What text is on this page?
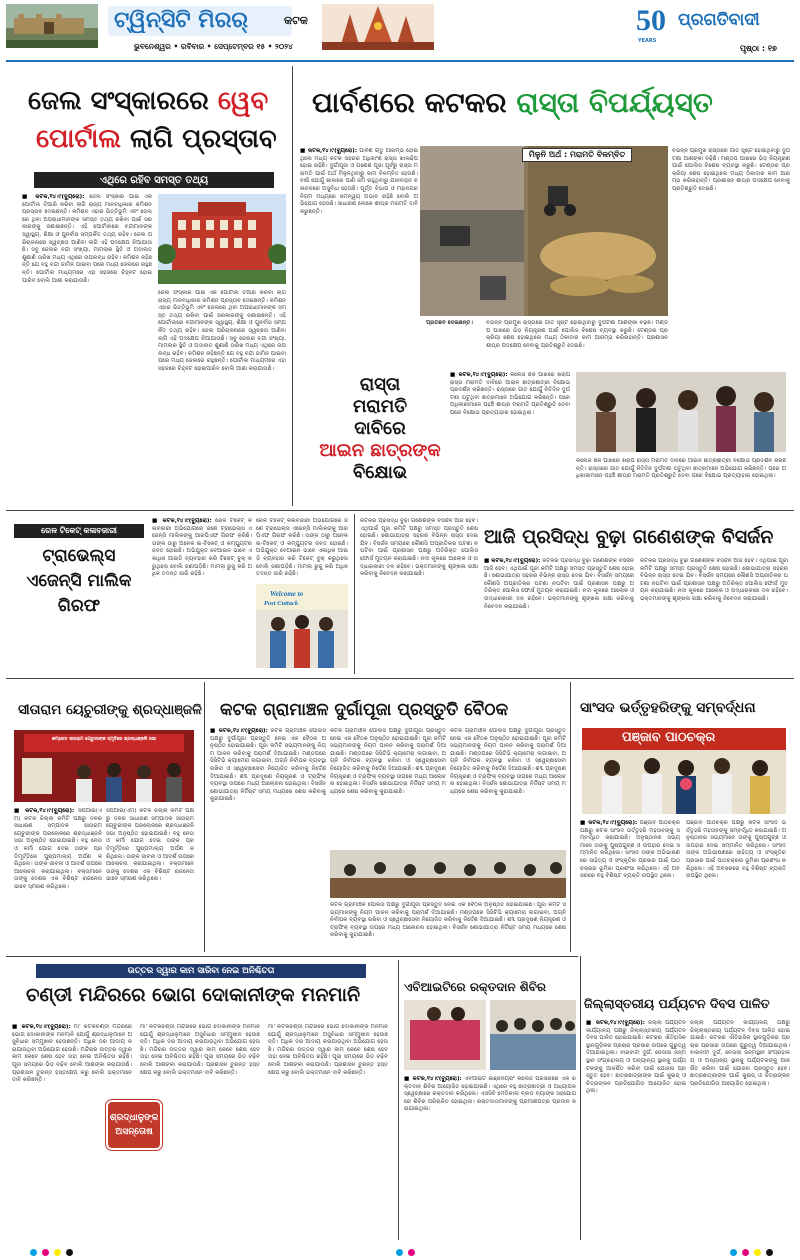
ଟ୍ୱିନ୍‌ସିଟି ମିରର୍	କଟକ
ଭୁବନେଶ୍ୱର • ରବିବାର • ସେପ୍ଟେମ୍ବର ୧୫ • ୨୦୨୪
50
YEARS
ପ୍ରଗତିବାଦୀ
ପୃଷ୍ଠା : ୧୭
ଜେଲ ସଂସ୍କାରରେ ୱେବ
ପୋର୍ଟାଲ ଲାଗି ପ୍ରସ୍ତାବ
ଏଥିରେ ରହିବ ସମସ୍ତ ତଥ୍ୟ
■ କଟକ,୧୪।୯(ବ୍ୟୁରୋ): ଜେଲ ସଂସ୍କାର ପାଇଁ ଏକ ପୋର୍ଟାଲ ତିଆରି କରିବା ଲାଗି ରାଜ୍ୟ ମାନବାଧିକାର କମିଶନ ପ୍ରସ୍ତାବ ଦେଇଛନ୍ତି। କମିଶନ ଏହାର ଭିତ୍ତିଭୂମି ଏବଂ ଜେଲରେ ଥିବା ଅପରାଧୀମାନଙ୍କ ସମସ୍ତ ତଥ୍ୟ ରଖିବା ପାଇଁ ସରକାରଙ୍କୁ ଜଣାଇଛନ୍ତି। ଏହି ପୋର୍ଟାଲରେ ବନ୍ଦୀମାନଙ୍କ ସ୍ୱାସ୍ଥ୍ୟ, ଶିକ୍ଷା ଓ ପୁନର୍ବାସ ସମ୍ପର୍କିତ ତଥ୍ୟ ରହିବ। ଜେଲ ପରିଚାଳନାରେ ସ୍ୱଚ୍ଛତା ଆଣିବା ଲାଗି ଏହି ପଦକ୍ଷେପ ନିଆଯାଉଛି। ସବୁ ଜେଲର ବନ୍ଦୀ ସଂଖ୍ୟା, ମାମଲାର ସ୍ଥିତି ଓ ଅଦାଲତ ଶୁଣାଣି ତାରିଖ ମଧ୍ୟ ଏଥିରେ ଉପଲବ୍ଧ ରହିବ। କମିଶନ କହିଛନ୍ତି ଯେ ବହୁ ବନ୍ଦୀ ଜାମିନ ପାଇବା ପରେ ମଧ୍ୟ ଜେଲରେ ରହୁଛନ୍ତି। ପୋର୍ଟାଲ ମାଧ୍ୟମରେ ଏହା ସହଜରେ ଚିହ୍ନଟ ହୋଇପାରିବ ବୋଲି ଆଶା କରାଯାଉଛି।
ଜେଲ ସଂସ୍କାର ପାଇଁ ଏକ ପୋର୍ଟାଲ ତିଆରି କରିବା ଲାଗି ରାଜ୍ୟ ମାନବାଧିକାର କମିଶନ ପ୍ରସ୍ତାବ ଦେଇଛନ୍ତି। କମିଶନ ଏହାର ଭିତ୍ତିଭୂମି ଏବଂ ଜେଲରେ ଥିବା ଅପରାଧୀମାନଙ୍କ ସମସ୍ତ ତଥ୍ୟ ରଖିବା ପାଇଁ ସରକାରଙ୍କୁ ଜଣାଇଛନ୍ତି। ଏହି ପୋର୍ଟାଲରେ ବନ୍ଦୀମାନଙ୍କ ସ୍ୱାସ୍ଥ୍ୟ, ଶିକ୍ଷା ଓ ପୁନର୍ବାସ ସମ୍ପର୍କିତ ତଥ୍ୟ ରହିବ। ଜେଲ ପରିଚାଳନାରେ ସ୍ୱଚ୍ଛତା ଆଣିବା ଲାଗି ଏହି ପଦକ୍ଷେପ ନିଆଯାଉଛି। ସବୁ ଜେଲର ବନ୍ଦୀ ସଂଖ୍ୟା, ମାମଲାର ସ୍ଥିତି ଓ ଅଦାଲତ ଶୁଣାଣି ତାରିଖ ମଧ୍ୟ ଏଥିରେ ଉପଲବ୍ଧ ରହିବ। କମିଶନ କହିଛନ୍ତି ଯେ ବହୁ ବନ୍ଦୀ ଜାମିନ ପାଇବା ପରେ ମଧ୍ୟ ଜେଲରେ ରହୁଛନ୍ତି। ପୋର୍ଟାଲ ମାଧ୍ୟମରେ ଏହା ସହଜରେ ଚିହ୍ନଟ ହୋଇପାରିବ ବୋଲି ଆଶା କରାଯାଉଛି।
ପାର୍ବଣରେ କଟକର ରାସ୍ତା ବିପର୍ଯ୍ୟସ୍ତ
■ କଟକ,୧୪।୯(ବ୍ୟୁରୋ): ପାର୍ବଣ ଋତୁ ଆରମ୍ଭ ହୋଇଥିଲେ ମଧ୍ୟ କଟକ ସହରର ଅଧିକାଂଶ ରାସ୍ତା ଖାଲଢିପ ହୋଇ ରହିଛି। ଦୁର୍ଗାପୂଜା ଓ ଗଣେଶ ପୂଜା ପୂର୍ବରୁ ରାସ୍ତା ମରାମତି ପାଇଁ ଅର୍ଥ ମିଳୁନଥିବାରୁ କାମ ବିଳମ୍ବିତ ହେଉଛି। ବର୍ଷା ଯୋଗୁଁ ଖାଲରେ ପାଣି ଜମି ରହୁଥିବାରୁ ଯାନବାହନ ଚଳାଚଳରେ ଅସୁବିଧା ହେଉଛି। ପୂର୍ତ୍ତ ବିଭାଗ ଓ ମହାନଗର ନିଗମ ମଧ୍ୟରେ ସମନ୍ୱୟ ଅଭାବ ରହିଛି ବୋଲି ଅଭିଯୋଗ ହେଉଛି। ସାଧାରଣ ଲୋକେ ଶୀଘ୍ର ମରାମତି ଦାବି କରୁଛନ୍ତି।
ମିଳୁନି ଅର୍ଥ : ମରାମତି ବିଳମ୍ବିତ
ପ୍ରତିଛବି ଦେଇଛନ୍ତି।
ବିଭିନ୍ନ ପ୍ରମୁଖ ରାସ୍ତାରେ ଗାତ ସୃଷ୍ଟି ହୋଇଥିବାରୁ ଦୁର୍ଘଟଣା ଆଶଙ୍କା ବଢ଼ିଛି। ମଣ୍ଡପ ପାଖରେ ଭିଡ଼ ନିୟନ୍ତ୍ରଣ ପାଇଁ ପୋଲିସ ବିଶେଷ ବ୍ୟବସ୍ଥା କରୁଛି। ଟେଣ୍ଡର ପ୍ରକ୍ରିୟା ଶେଷ ହୋଇଥିଲେ ମଧ୍ୟ ଠିକାଦାର କାମ ଆରମ୍ଭ କରିନାହାନ୍ତି। ପ୍ରଶାସନ ଶୀଘ୍ର ପଦକ୍ଷେପ ନେବାକୁ ପ୍ରତିଶ୍ରୁତି ଦେଇଛି।
ବିଭିନ୍ନ ପ୍ରମୁଖ ରାସ୍ତାରେ ଗାତ ସୃଷ୍ଟି ହୋଇଥିବାରୁ ଦୁର୍ଘଟଣା ଆଶଙ୍କା ବଢ଼ିଛି। ମଣ୍ଡପ ପାଖରେ ଭିଡ଼ ନିୟନ୍ତ୍ରଣ ପାଇଁ ପୋଲିସ ବିଶେଷ ବ୍ୟବସ୍ଥା କରୁଛି। ଟେଣ୍ଡର ପ୍ରକ୍ରିୟା ଶେଷ ହୋଇଥିଲେ ମଧ୍ୟ ଠିକାଦାର କାମ ଆରମ୍ଭ କରିନାହାନ୍ତି। ପ୍ରଶାସନ ଶୀଘ୍ର ପଦକ୍ଷେପ ନେବାକୁ ପ୍ରତିଶ୍ରୁତି ଦେଇଛି।
ରାସ୍ତା
ମରାମତି
ଦାବିରେ
ଆଇନ ଛାତ୍ରଙ୍କ
ବିକ୍ଷୋଭ
■ କଟକ,୧୪।୯(ବ୍ୟୁରୋ): କଲେଜ ଛକ ପାଖରେ ଖରାପ ରାସ୍ତା ମରାମତି ଦାବିରେ ଆଇନ ଛାତ୍ରଛାତ୍ରୀ ବିକ୍ଷୋଭ ପ୍ରଦର୍ଶନ କରିଛନ୍ତି। ରାସ୍ତାରେ ଗାତ ଯୋଗୁଁ ନିତିଦିନ ଦୁର୍ଘଟଣା ଘଟୁଥିବା ଛାତ୍ରମାନେ ଅଭିଯୋଗ କରିଛନ୍ତି। ପରେ ଅଧିକାରୀମାନେ ପହଞ୍ଚି ଶୀଘ୍ର ମରାମତି ପ୍ରତିଶ୍ରୁତି ଦେବା ପରେ ବିକ୍ଷୋଭ ପ୍ରତ୍ୟାହାର ହୋଇଥିଲା।
କଲେଜ ଛକ ପାଖରେ ଖରାପ ରାସ୍ତା ମରାମତି ଦାବିରେ ଆଇନ ଛାତ୍ରଛାତ୍ରୀ ବିକ୍ଷୋଭ ପ୍ରଦର୍ଶନ କରିଛନ୍ତି। ରାସ୍ତାରେ ଗାତ ଯୋଗୁଁ ନିତିଦିନ ଦୁର୍ଘଟଣା ଘଟୁଥିବା ଛାତ୍ରମାନେ ଅଭିଯୋଗ କରିଛନ୍ତି। ପରେ ଅଧିକାରୀମାନେ ପହଞ୍ଚି ଶୀଘ୍ର ମରାମତି ପ୍ରତିଶ୍ରୁତି ଦେବା ପରେ ବିକ୍ଷୋଭ ପ୍ରତ୍ୟାହାର ହୋଇଥିଲା।
ରେଳ ଟିକେଟ୍ କଳାବଜାରୀ
ଟ୍ରାଭେଲ୍ସ
ଏଜେନ୍ସି ମାଲିକ
ଗିରଫ
■ କଟକ,୧୪।୯(ବ୍ୟୁରୋ): ରେଳ ଟିକେଟ୍ କଳାବଜାରୀ ଅଭିଯୋଗରେ ଜଣେ ଟ୍ରାଭେଲ୍ସ ଏଜେନ୍ସି ମାଲିକଙ୍କୁ ଆରପିଏଫ ଗିରଫ କରିଛି। ତାଙ୍କ ଠାରୁ ଅନେକ ଇ-ଟିକେଟ୍ ଓ କମ୍ପ୍ୟୁଟର ଜବତ ହୋଇଛି। ଅଭିଯୁକ୍ତ ବେଆଇନ ଭାବେ ଏକାଧିକ ଆଇଡି ବ୍ୟବହାର କରି ଟିକେଟ୍ ବୁକ୍ କରୁଥିଲେ ବୋଲି ଜଣାପଡ଼ିଛି। ମାମଲା ରୁଜୁ କରି ଅଧିକ ତଦନ୍ତ ଜାରି ରହିଛି।
Welcome to
Post Cuttack
ରେଳ ଟିକେଟ୍ କଳାବଜାରୀ ଅଭିଯୋଗରେ ଜଣେ ଟ୍ରାଭେଲ୍ସ ଏଜେନ୍ସି ମାଲିକଙ୍କୁ ଆରପିଏଫ ଗିରଫ କରିଛି। ତାଙ୍କ ଠାରୁ ଅନେକ ଇ-ଟିକେଟ୍ ଓ କମ୍ପ୍ୟୁଟର ଜବତ ହୋଇଛି। ଅଭିଯୁକ୍ତ ବେଆଇନ ଭାବେ ଏକାଧିକ ଆଇଡି ବ୍ୟବହାର କରି ଟିକେଟ୍ ବୁକ୍ କରୁଥିଲେ ବୋଲି ଜଣାପଡ଼ିଛି। ମାମଲା ରୁଜୁ କରି ଅଧିକ ତଦନ୍ତ ଜାରି ରହିଛି।
ଆଜି ପ୍ରସିଦ୍ଧ ବୁଢ଼ା ଗଣେଶଙ୍କ ବିସର୍ଜନ
କଟକର ପ୍ରସିଦ୍ଧ ବୁଢ଼ା ଗଣେଶଙ୍କ ବିସର୍ଜନ ଆଜି ହେବ। ଏଥିପାଇଁ ପୂଜା କମିଟି ପକ୍ଷରୁ ସମସ୍ତ ପ୍ରସ୍ତୁତି ଶେଷ ହୋଇଛି। ଶୋଭାଯାତ୍ରା ସହରର ବିଭିନ୍ନ ରାସ୍ତା ଦେଇ ଯିବ। ବିସର୍ଜନ ସମୟରେ କୌଣସି ଅପ୍ରୀତିକର ଘଟଣା ନଘଟିବା ପାଇଁ ପ୍ରଶାସନ ପକ୍ଷରୁ ଅତିରିକ୍ତ ପୋଲିସ ଫୋର୍ସ ମୁତୟନ କରାଯାଇଛି। ନଦୀ କୂଳରେ ଆଲୋକ ଓ ଉଦ୍ଧାରକାରୀ ଦଳ ରହିବେ। ଭକ୍ତମାନଙ୍କୁ ଶୃଙ୍ଖଳା ରକ୍ଷା କରିବାକୁ ନିବେଦନ କରାଯାଇଛି।
■ କଟକ,୧୪।୯(ବ୍ୟୁରୋ): କଟକର ପ୍ରସିଦ୍ଧ ବୁଢ଼ା ଗଣେଶଙ୍କ ବିସର୍ଜନ ଆଜି ହେବ। ଏଥିପାଇଁ ପୂଜା କମିଟି ପକ୍ଷରୁ ସମସ୍ତ ପ୍ରସ୍ତୁତି ଶେଷ ହୋଇଛି। ଶୋଭାଯାତ୍ରା ସହରର ବିଭିନ୍ନ ରାସ୍ତା ଦେଇ ଯିବ। ବିସର୍ଜନ ସମୟରେ କୌଣସି ଅପ୍ରୀତିକର ଘଟଣା ନଘଟିବା ପାଇଁ ପ୍ରଶାସନ ପକ୍ଷରୁ ଅତିରିକ୍ତ ପୋଲିସ ଫୋର୍ସ ମୁତୟନ କରାଯାଇଛି। ନଦୀ କୂଳରେ ଆଲୋକ ଓ ଉଦ୍ଧାରକାରୀ ଦଳ ରହିବେ। ଭକ୍ତମାନଙ୍କୁ ଶୃଙ୍ଖଳା ରକ୍ଷା କରିବାକୁ ନିବେଦନ କରାଯାଇଛି।
କଟକର ପ୍ରସିଦ୍ଧ ବୁଢ଼ା ଗଣେଶଙ୍କ ବିସର୍ଜନ ଆଜି ହେବ। ଏଥିପାଇଁ ପୂଜା କମିଟି ପକ୍ଷରୁ ସମସ୍ତ ପ୍ରସ୍ତୁତି ଶେଷ ହୋଇଛି। ଶୋଭାଯାତ୍ରା ସହରର ବିଭିନ୍ନ ରାସ୍ତା ଦେଇ ଯିବ। ବିସର୍ଜନ ସମୟରେ କୌଣସି ଅପ୍ରୀତିକର ଘଟଣା ନଘଟିବା ପାଇଁ ପ୍ରଶାସନ ପକ୍ଷରୁ ଅତିରିକ୍ତ ପୋଲିସ ଫୋର୍ସ ମୁତୟନ କରାଯାଇଛି। ନଦୀ କୂଳରେ ଆଲୋକ ଓ ଉଦ୍ଧାରକାରୀ ଦଳ ରହିବେ। ଭକ୍ତମାନଙ୍କୁ ଶୃଙ୍ଖଳା ରକ୍ଷା କରିବାକୁ ନିବେଦନ କରାଯାଇଛି।
ସୀତାରାମ ୟେଚୁରୀଙ୍କୁ ଶ୍ରଦ୍ଧାଞ୍ଜଳି
କମ୍ରେଡ ସୀତାରାମ ୟେଚୁରୀଙ୍କ ସ୍ମୃତିରେ ଶ୍ରଦ୍ଧାଞ୍ଜଳି ସଭା
■ କଟକ,୧୪।୯(ବ୍ୟୁରୋ): ସିପିଆଇ(ଏମ) କଟକ ଜିଲ୍ଲା କମିଟି ପକ୍ଷରୁ ଦଳର ସାଧାରଣ ସମ୍ପାଦକ ସୀତାରାମ ୟେଚୁରୀଙ୍କ ପରଲୋକରେ ଶ୍ରଦ୍ଧାଞ୍ଜଳି ସଭା ଅନୁଷ୍ଠିତ ହୋଇଯାଇଛି। ବହୁ ନେତା ଓ କର୍ମୀ ଯୋଗ ଦେଇ ତାଙ୍କ ପ୍ରତିମୂର୍ତ୍ତିରେ ପୁଷ୍ପମାଲ୍ୟ ଅର୍ପଣ କରିଥିଲେ। ତାଙ୍କ ଜୀବନୀ ଓ ଆଦର୍ଶ ଉପରେ ଆଲୋଚନା କରାଯାଇଥିଲା। ବକ୍ତାମାନେ ତାଙ୍କୁ ଦେଶର ଏକ ବିଶିଷ୍ଟ ରାଜନେତା ଭାବେ ସ୍ମରଣ କରିଥିଲେ।
ସିପିଆଇ(ଏମ) କଟକ ଜିଲ୍ଲା କମିଟି ପକ୍ଷରୁ ଦଳର ସାଧାରଣ ସମ୍ପାଦକ ସୀତାରାମ ୟେଚୁରୀଙ୍କ ପରଲୋକରେ ଶ୍ରଦ୍ଧାଞ୍ଜଳି ସଭା ଅନୁଷ୍ଠିତ ହୋଇଯାଇଛି। ବହୁ ନେତା ଓ କର୍ମୀ ଯୋଗ ଦେଇ ତାଙ୍କ ପ୍ରତିମୂର୍ତ୍ତିରେ ପୁଷ୍ପମାଲ୍ୟ ଅର୍ପଣ କରିଥିଲେ। ତାଙ୍କ ଜୀବନୀ ଓ ଆଦର୍ଶ ଉପରେ ଆଲୋଚନା କରାଯାଇଥିଲା। ବକ୍ତାମାନେ ତାଙ୍କୁ ଦେଶର ଏକ ବିଶିଷ୍ଟ ରାଜନେତା ଭାବେ ସ୍ମରଣ କରିଥିଲେ।
କଟକ ଗ୍ରାମାଞ୍ଚଳ ଦୁର୍ଗାପୂଜା ପ୍ରସ୍ତୁତି ବୈଠକ
■ କଟକ,୧୪।୯(ବ୍ୟୁରୋ): କଟକ ଗ୍ରାମାଞ୍ଚଳ ପୋଲିସ ପକ୍ଷରୁ ଦୁର୍ଗାପୂଜା ପ୍ରସ୍ତୁତି ନେଇ ଏକ ବୈଠକ ଅନୁଷ୍ଠିତ ହୋଇଯାଇଛି। ପୂଜା କମିଟି ସଭ୍ୟମାନଙ୍କୁ ନିୟମ ପାଳନ କରିବାକୁ ପରାମର୍ଶ ଦିଆଯାଇଛି। ମଣ୍ଡପରେ ସିସିଟିଭି କ୍ୟାମେରା ଲଗାଇବା, ଅଗ୍ନି ନିର୍ବାପକ ବ୍ୟବସ୍ଥା ରଖିବା ଓ ସ୍ୱେଚ୍ଛାସେବୀ ନିୟୋଜିତ କରିବାକୁ ନିର୍ଦ୍ଦେଶ ଦିଆଯାଇଛି। ଶବ୍ଦ ପ୍ରଦୂଷଣ ନିୟନ୍ତ୍ରଣ ଓ ଟ୍ରାଫିକ୍ ବ୍ୟବସ୍ଥା ଉପରେ ମଧ୍ୟ ଆଲୋଚନା ହୋଇଥିଲା। ବିସର୍ଜନ ଶୋଭାଯାତ୍ରା ନିର୍ଦ୍ଦିଷ୍ଟ ସମୟ ମଧ୍ୟରେ ଶେଷ କରିବାକୁ କୁହାଯାଇଛି।
କଟକ ଗ୍ରାମାଞ୍ଚଳ ପୋଲିସ ପକ୍ଷରୁ ଦୁର୍ଗାପୂଜା ପ୍ରସ୍ତୁତି ନେଇ ଏକ ବୈଠକ ଅନୁଷ୍ଠିତ ହୋଇଯାଇଛି। ପୂଜା କମିଟି ସଭ୍ୟମାନଙ୍କୁ ନିୟମ ପାଳନ କରିବାକୁ ପରାମର୍ଶ ଦିଆଯାଇଛି। ମଣ୍ଡପରେ ସିସିଟିଭି କ୍ୟାମେରା ଲଗାଇବା, ଅଗ୍ନି ନିର୍ବାପକ ବ୍ୟବସ୍ଥା ରଖିବା ଓ ସ୍ୱେଚ୍ଛାସେବୀ ନିୟୋଜିତ କରିବାକୁ ନିର୍ଦ୍ଦେଶ ଦିଆଯାଇଛି। ଶବ୍ଦ ପ୍ରଦୂଷଣ ନିୟନ୍ତ୍ରଣ ଓ ଟ୍ରାଫିକ୍ ବ୍ୟବସ୍ଥା ଉପରେ ମଧ୍ୟ ଆଲୋଚନା ହୋଇଥିଲା। ବିସର୍ଜନ ଶୋଭାଯାତ୍ରା ନିର୍ଦ୍ଦିଷ୍ଟ ସମୟ ମଧ୍ୟରେ ଶେଷ କରିବାକୁ କୁହାଯାଇଛି।
କଟକ ଗ୍ରାମାଞ୍ଚଳ ପୋଲିସ ପକ୍ଷରୁ ଦୁର୍ଗାପୂଜା ପ୍ରସ୍ତୁତି ନେଇ ଏକ ବୈଠକ ଅନୁଷ୍ଠିତ ହୋଇଯାଇଛି। ପୂଜା କମିଟି ସଭ୍ୟମାନଙ୍କୁ ନିୟମ ପାଳନ କରିବାକୁ ପରାମର୍ଶ ଦିଆଯାଇଛି। ମଣ୍ଡପରେ ସିସିଟିଭି କ୍ୟାମେରା ଲଗାଇବା, ଅଗ୍ନି ନିର୍ବାପକ ବ୍ୟବସ୍ଥା ରଖିବା ଓ ସ୍ୱେଚ୍ଛାସେବୀ ନିୟୋଜିତ କରିବାକୁ ନିର୍ଦ୍ଦେଶ ଦିଆଯାଇଛି। ଶବ୍ଦ ପ୍ରଦୂଷଣ ନିୟନ୍ତ୍ରଣ ଓ ଟ୍ରାଫିକ୍ ବ୍ୟବସ୍ଥା ଉପରେ ମଧ୍ୟ ଆଲୋଚନା ହୋଇଥିଲା। ବିସର୍ଜନ ଶୋଭାଯାତ୍ରା ନିର୍ଦ୍ଦିଷ୍ଟ ସମୟ ମଧ୍ୟରେ ଶେଷ କରିବାକୁ କୁହାଯାଇଛି।
କଟକ ଗ୍ରାମାଞ୍ଚଳ ପୋଲିସ ପକ୍ଷରୁ ଦୁର୍ଗାପୂଜା ପ୍ରସ୍ତୁତି ନେଇ ଏକ ବୈଠକ ଅନୁଷ୍ଠିତ ହୋଇଯାଇଛି। ପୂଜା କମିଟି ସଭ୍ୟମାନଙ୍କୁ ନିୟମ ପାଳନ କରିବାକୁ ପରାମର୍ଶ ଦିଆଯାଇଛି। ମଣ୍ଡପରେ ସିସିଟିଭି କ୍ୟାମେରା ଲଗାଇବା, ଅଗ୍ନି ନିର୍ବାପକ ବ୍ୟବସ୍ଥା ରଖିବା ଓ ସ୍ୱେଚ୍ଛାସେବୀ ନିୟୋଜିତ କରିବାକୁ ନିର୍ଦ୍ଦେଶ ଦିଆଯାଇଛି। ଶବ୍ଦ ପ୍ରଦୂଷଣ ନିୟନ୍ତ୍ରଣ ଓ ଟ୍ରାଫିକ୍ ବ୍ୟବସ୍ଥା ଉପରେ ମଧ୍ୟ ଆଲୋଚନା ହୋଇଥିଲା। ବିସର୍ଜନ ଶୋଭାଯାତ୍ରା ନିର୍ଦ୍ଦିଷ୍ଟ ସମୟ ମଧ୍ୟରେ ଶେଷ କରିବାକୁ କୁହାଯାଇଛି।
ସାଂସଦ ଭର୍ତ୍ତୃହରିଙ୍କୁ ସମ୍ବର୍ଦ୍ଧନା
ପଞ୍ଜାବ ପାଠଚକ୍ର
■ କଟକ,୧୪।୯(ବ୍ୟୁରୋ): ପଞ୍ଜାବ ପାଠଚକ୍ର ପକ୍ଷରୁ କଟକ ସାଂସଦ ଭର୍ତ୍ତୃହରି ମହତାବଙ୍କୁ ସମ୍ବର୍ଦ୍ଧିତ କରାଯାଇଛି। ଅନୁଷ୍ଠାନର ସଭ୍ୟମାନେ ତାଙ୍କୁ ପୁଷ୍ପଗୁଚ୍ଛ ଓ ଉପହାର ଦେଇ ସମ୍ମାନିତ କରିଥିଲେ। ସାଂସଦ ତାଙ୍କ ଅଭିଭାଷଣରେ ସାହିତ୍ୟ ଓ ସଂସ୍କୃତିର ପ୍ରସାର ପାଇଁ ପାଠଚକ୍ରର ଭୂମିକା ପ୍ରଶଂସା କରିଥିଲେ। ଏହି ଅବସରରେ ବହୁ ବିଶିଷ୍ଟ ବ୍ୟକ୍ତି ଉପସ୍ଥିତ ଥିଲେ।
ପଞ୍ଜାବ ପାଠଚକ୍ର ପକ୍ଷରୁ କଟକ ସାଂସଦ ଭର୍ତ୍ତୃହରି ମହତାବଙ୍କୁ ସମ୍ବର୍ଦ୍ଧିତ କରାଯାଇଛି। ଅନୁଷ୍ଠାନର ସଭ୍ୟମାନେ ତାଙ୍କୁ ପୁଷ୍ପଗୁଚ୍ଛ ଓ ଉପହାର ଦେଇ ସମ୍ମାନିତ କରିଥିଲେ। ସାଂସଦ ତାଙ୍କ ଅଭିଭାଷଣରେ ସାହିତ୍ୟ ଓ ସଂସ୍କୃତିର ପ୍ରସାର ପାଇଁ ପାଠଚକ୍ରର ଭୂମିକା ପ୍ରଶଂସା କରିଥିଲେ। ଏହି ଅବସରରେ ବହୁ ବିଶିଷ୍ଟ ବ୍ୟକ୍ତି ଉପସ୍ଥିତ ଥିଲେ।
ଉତ୍ତର ଦ୍ୱାର କାମ ସାରିବା ନେଇ ଅନିଶ୍ଚିତତା
ଚଣ୍ଡୀ ମନ୍ଦିରରେ ଭୋଗ ଦୋକାନୀଙ୍କ ମନମାନି
■ କଟକ,୧୪।୯(ବ୍ୟୁରୋ): ମା' କଟକଚଣ୍ଡୀ ମନ୍ଦିରରେ ଭୋଗ ଦୋକାନୀଙ୍କ ମନମାନି ଯୋଗୁଁ ଶ୍ରଦ୍ଧାଳୁମାନେ ଅସୁବିଧାର ସମ୍ମୁଖୀନ ହେଉଛନ୍ତି। ଅଧିକ ଦର ଆଦାୟ କରାଯାଉଥିବା ଅଭିଯୋଗ ହେଉଛି। ମନ୍ଦିରର ଉତ୍ତର ଦ୍ୱାର କାମ କେବେ ଶେଷ ହେବ ତାହା ନେଇ ଅନିଶ୍ଚିତତା ରହିଛି। ପୂଜା ସମୟରେ ଭିଡ଼ ବଢ଼ିବ ବୋଲି ଆଶଙ୍କା କରାଯାଉଛି। ପ୍ରଶାସନ ତୁରନ୍ତ ହସ୍ତକ୍ଷେପ କରୁ ବୋଲି ଭକ୍ତମାନେ ଦାବି କରିଛନ୍ତି।
ମା' କଟକଚଣ୍ଡୀ ମନ୍ଦିରରେ ଭୋଗ ଦୋକାନୀଙ୍କ ମନମାନି ଯୋଗୁଁ ଶ୍ରଦ୍ଧାଳୁମାନେ ଅସୁବିଧାର ସମ୍ମୁଖୀନ ହେଉଛନ୍ତି। ଅଧିକ ଦର ଆଦାୟ କରାଯାଉଥିବା ଅଭିଯୋଗ ହେଉଛି। ମନ୍ଦିରର ଉତ୍ତର ଦ୍ୱାର କାମ କେବେ ଶେଷ ହେବ ତାହା ନେଇ ଅନିଶ୍ଚିତତା ରହିଛି। ପୂଜା ସମୟରେ ଭିଡ଼ ବଢ଼ିବ ବୋଲି ଆଶଙ୍କା କରାଯାଉଛି। ପ୍ରଶାସନ ତୁରନ୍ତ ହସ୍ତକ୍ଷେପ କରୁ ବୋଲି ଭକ୍ତମାନେ ଦାବି କରିଛନ୍ତି।
ମା' କଟକଚଣ୍ଡୀ ମନ୍ଦିରରେ ଭୋଗ ଦୋକାନୀଙ୍କ ମନମାନି ଯୋଗୁଁ ଶ୍ରଦ୍ଧାଳୁମାନେ ଅସୁବିଧାର ସମ୍ମୁଖୀନ ହେଉଛନ୍ତି। ଅଧିକ ଦର ଆଦାୟ କରାଯାଉଥିବା ଅଭିଯୋଗ ହେଉଛି। ମନ୍ଦିରର ଉତ୍ତର ଦ୍ୱାର କାମ କେବେ ଶେଷ ହେବ ତାହା ନେଇ ଅନିଶ୍ଚିତତା ରହିଛି। ପୂଜା ସମୟରେ ଭିଡ଼ ବଢ଼ିବ ବୋଲି ଆଶଙ୍କା କରାଯାଉଛି। ପ୍ରଶାସନ ତୁରନ୍ତ ହସ୍ତକ୍ଷେପ କରୁ ବୋଲି ଭକ୍ତମାନେ ଦାବି କରିଛନ୍ତି।
ଶ୍ରଦ୍ଧାଳୁଙ୍କ
ଅସନ୍ତୋଷ
ଏବିଆଇଟିରେ ରକ୍ତଦାନ ଶିବିର
■ କଟକ,୧୪।୯(ବ୍ୟୁରୋ): ଏବିଆଇଟି ଇଞ୍ଜିନିୟରିଂ କଲେଜ ପରିସରରେ ଏକ ରକ୍ତଦାନ ଶିବିର ଆୟୋଜିତ ହୋଇଯାଇଛି। ଏଥିରେ ବହୁ ଛାତ୍ରଛାତ୍ରୀ ଓ ଅଧ୍ୟାପକ ସ୍ୱେଚ୍ଛାରେ ରକ୍ତଦାନ କରିଥିଲେ। ଏସସିବି ମେଡିକାଲ ବ୍ଲଡ ବ୍ୟାଙ୍କ ସହଯୋଗରେ ଶିବିର ପରିଚାଳିତ ହୋଇଥିଲା। ରକ୍ତଦାତାମାନଙ୍କୁ ପ୍ରମାଣପତ୍ର ପ୍ରଦାନ କରାଯାଇଥିଲା।
ଜିଲ୍ଲାସ୍ତରୀୟ ପର୍ଯ୍ୟଟନ ଦିବସ ପାଳିତ
■ କଟକ,୧୪।୯(ବ୍ୟୁରୋ): ଜିଲ୍ଲା ପର୍ଯ୍ୟଟନ କାର୍ଯ୍ୟାଳୟ ପକ୍ଷରୁ ଜିଲ୍ଲାସ୍ତରୀୟ ପର୍ଯ୍ୟଟନ ଦିବସ ପାଳିତ ହୋଇଯାଇଛି। କଟକର ଐତିହାସିକ ସ୍ଥାନଗୁଡ଼ିକର ପ୍ରଚାର ପ୍ରସାର ଉପରେ ଗୁରୁତ୍ୱ ଦିଆଯାଇଥିଲା। ବାରବାଟୀ ଦୁର୍ଗ, ନେତାଜୀ ଜନ୍ମସ୍ଥାନ ସଂଗ୍ରହାଳୟ ଓ ଅନ୍ୟାନ୍ୟ ସ୍ଥାନକୁ ପର୍ଯ୍ୟଟକଙ୍କୁ ଆକର୍ଷିତ କରିବା ପାଇଁ ଯୋଜନା ପ୍ରସ୍ତୁତ ହେବ। ଛାତ୍ରଛାତ୍ରୀଙ୍କ ପାଇଁ କୁଇଜ୍ ଓ ଚିତ୍ରାଙ୍କନ ପ୍ରତିଯୋଗିତା ଆୟୋଜିତ ହୋଇଥିଲା।
ଜିଲ୍ଲା ପର୍ଯ୍ୟଟନ କାର୍ଯ୍ୟାଳୟ ପକ୍ଷରୁ ଜିଲ୍ଲାସ୍ତରୀୟ ପର୍ଯ୍ୟଟନ ଦିବସ ପାଳିତ ହୋଇଯାଇଛି। କଟକର ଐତିହାସିକ ସ୍ଥାନଗୁଡ଼ିକର ପ୍ରଚାର ପ୍ରସାର ଉପରେ ଗୁରୁତ୍ୱ ଦିଆଯାଇଥିଲା। ବାରବାଟୀ ଦୁର୍ଗ, ନେତାଜୀ ଜନ୍ମସ୍ଥାନ ସଂଗ୍ରହାଳୟ ଓ ଅନ୍ୟାନ୍ୟ ସ୍ଥାନକୁ ପର୍ଯ୍ୟଟକଙ୍କୁ ଆକର୍ଷିତ କରିବା ପାଇଁ ଯୋଜନା ପ୍ରସ୍ତୁତ ହେବ। ଛାତ୍ରଛାତ୍ରୀଙ୍କ ପାଇଁ କୁଇଜ୍ ଓ ଚିତ୍ରାଙ୍କନ ପ୍ରତିଯୋଗିତା ଆୟୋଜିତ ହୋଇଥିଲା।
